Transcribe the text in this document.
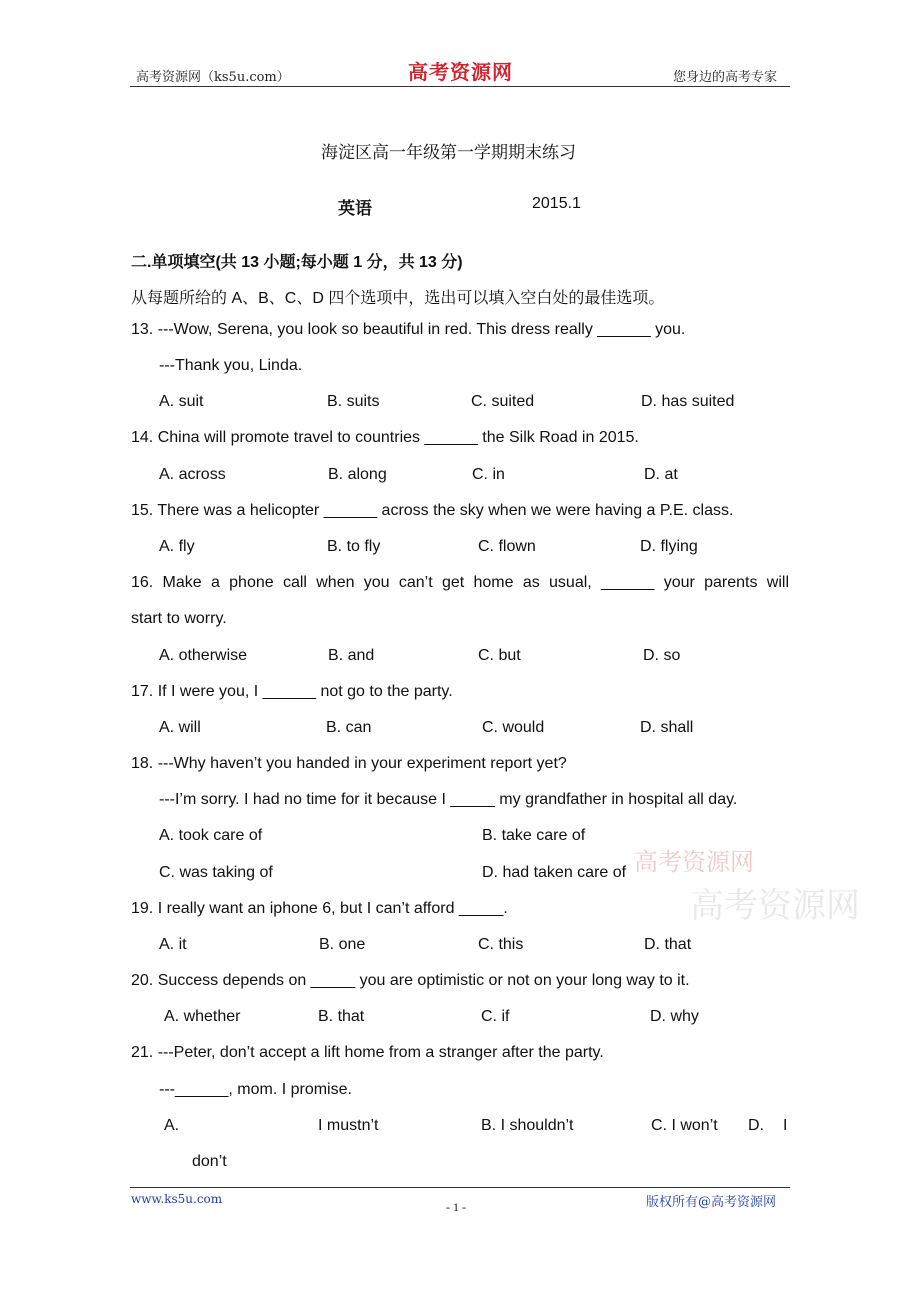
高考资源网（ks5u.com）	高考资源网	您身边的高考专家
海淀区高一年级第一学期期末练习
英语	2015.1
二.单项填空(共 13 小题;每小题 1 分，共 13 分)
从每题所给的 A、B、C、D 四个选项中，选出可以填入空白处的最佳选项。
13. ---Wow, Serena, you look so beautiful in red. This dress really ______ you.
---Thank you, Linda.
A. suit	B. suits	C. suited	D. has suited
14. China will promote travel to countries ______ the Silk Road in 2015.
A. across	B. along	C. in	D. at
15. There was a helicopter ______ across the sky when we were having a P.E. class.
A. fly	B. to fly	C. flown	D. flying
16. Make a phone call when you can’t get home as usual, ______ your parents will
start to worry.
A. otherwise	B. and	C. but	D. so
17. If I were you, I ______ not go to the party.
A. will	B. can	C. would	D. shall
18. ---Why haven’t you handed in your experiment report yet?
---I’m sorry. I had no time for it because I _____ my grandfather in hospital all day.
A. took care of	B. take care of
C. was taking of	D. had taken care of 高考资源网
高考资源网
19. I really want an iphone 6, but I can’t afford _____.
A. it	B. one	C. this	D. that
20. Success depends on _____ you are optimistic or not on your long way to it.
A. whether	B. that	C. if	D. why
21. ---Peter, don’t accept a lift home from a stranger after the party.
---______, mom. I promise.
A.	I mustn’t	B. I shouldn’t	C. I won’t D. I
don’t
www.ks5u.com
- 1 -	版权所有@高考资源网
